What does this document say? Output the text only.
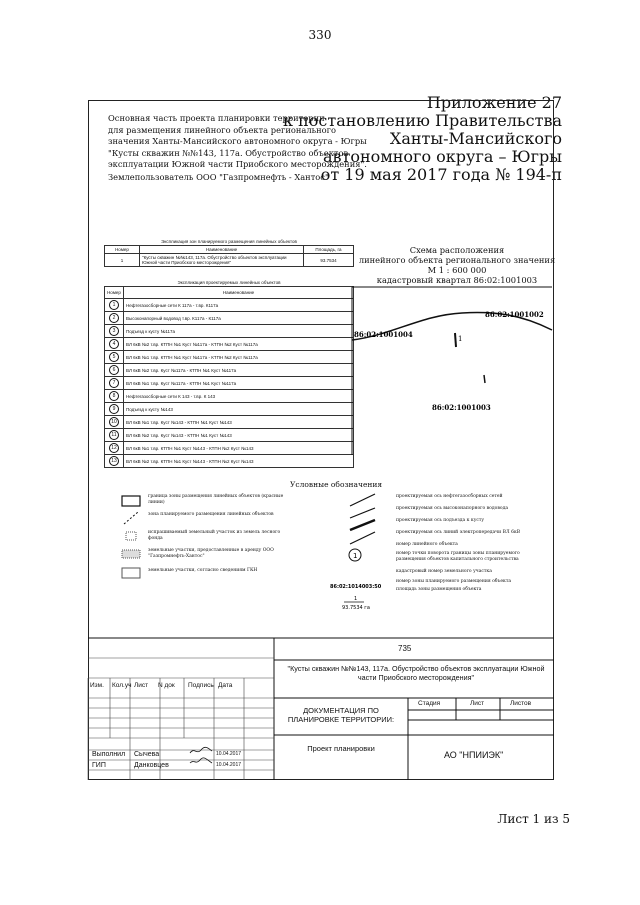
330
Приложение 27
к постановлению Правительства
Ханты-Мансийского
автономного округа – Югры
от 19 мая 2017 года № 194-п
Основная часть проекта планировки территории
для размещения линейного объекта регионального
значения Ханты-Мансийского автономного округа - Югры
"Кусты скважин №№143, 117а. Обустройство объектов
эксплуатации Южной части Приобского месторождения".
Землепользователь ООО "Газпромнефть - Хантос"
Экспликация зон планируемого размещения линейных объектов		
Номер	Наименование	Площадь, га
1	"Кусты скважин №№143, 117а. Обустройство объектов эксплуатации Южной части Приобского месторождения"	93.7534
Экспликация проектируемых линейных объектов	
Номер	Наименование
1	Нефтегазосборные сети К 117а - т.вр. К117а
2	Высоконапорный водовод т.вр. К117а - К117а
3	Подъезд к кусту №117а
4	ВЛ 6кВ №2 т.вр. КТПН №1 Куст №117а - КТПН №2 Куст №117а
5	ВЛ 6кВ №1 т.вр. КТПН №1 Куст №117а - КТПН №2 Куст №117а
6	ВЛ 6кВ №2 т.вр. Куст №117а - КТПН №1 Куст №117а
7	ВЛ 6кВ №1 т.вр. Куст №117а - КТПН №1 Куст №117а
8	Нефтегазосборные сети К 143 - т.вр. К 143
9	Подъезд к кусту №143
10	ВЛ 6кВ №1 т.вр. Куст №143 - КТПН №1 Куст №143
11	ВЛ 6кВ №2 т.вр. Куст №143 - КТПН №1 Куст №143
12	ВЛ 6кВ №1 т.вр. КТПН №1 Куст №143 - КТПН №2 Куст №143
13	ВЛ 6кВ №2 т.вр. КТПН №1 Куст №143 - КТПН №2 Куст №143
Схема расположения
линейного объекта регионального значения
М 1 : 600 000
кадастровый квартал 86:02:1001003
86:02:1001002
86:02:1001004
86:02:1001003
1
Условные обозначения
граница зоны размещения линейных объектов (красные линии)
зона планируемого размещения линейных объектов
испрашиваемый земельный участок из земель лесного фонда
земельные участки, предоставленные в аренду ООО "Газпромнефть-Хантос"
земельные участки, согласно сведениям ГКН
1
86:02:1014003:50
1
93.7534 га
проектируемая ось нефтегазосборных сетей
проектируемая ось высоконапорного водовода
проектируемая ось подъезда к кусту
проектируемая ось линий электропередачи ВЛ 6кВ
номер линейного объекта
номер точки поворота границы зоны планируемого размещения объектов капитального строительства
кадастровый номер земельного участка
номер зоны планируемого размещения объекта
площадь зоны размещения объекта
735
"Кусты скважин №№143, 117а. Обустройство объектов эксплуатации Южной части Приобского месторождения"
Изм.	Кол.уч Лист	N док	Подпись Дата
ДОКУМЕНТАЦИЯ ПО
ПЛАНИРОВКЕ ТЕРРИТОРИИ:
Стадия	Лист	Листов
Проект планировки
АО "НПИИЭК"
Выполнил Сычева	10.04.2017
ГИП	Данковцев	10.04.2017
Лист 1 из 5
